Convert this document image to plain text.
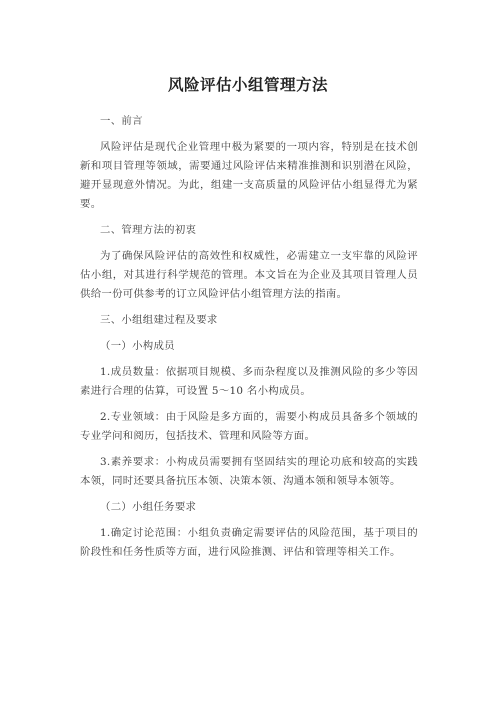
风险评估小组管理方法

一、前言

风险评估是现代企业管理中极为紧要的一项内容，特别是在技术创新和项目管理等领域，需要通过风险评估来精准推测和识别潜在风险，避开显现意外情况。为此，组建一支高质量的风险评估小组显得尤为紧要。

二、管理方法的初衷

为了确保风险评估的高效性和权威性，必需建立一支牢靠的风险评估小组，对其进行科学规范的管理。本文旨在为企业及其项目管理人员供给一份可供参考的订立风险评估小组管理方法的指南。

三、小组组建过程及要求

（一）小构成员

1.成员数量：依据项目规模、多而杂程度以及推测风险的多少等因素进行合理的估算，可设置 5～10 名小构成员。

2.专业领域：由于风险是多方面的，需要小构成员具备多个领域的专业学问和阅历，包括技术、管理和风险等方面。

3.素养要求：小构成员需要拥有坚固结实的理论功底和较高的实践本领，同时还要具备抗压本领、决策本领、沟通本领和领导本领等。

（二）小组任务要求

1.确定讨论范围：小组负责确定需要评估的风险范围，基于项目的阶段性和任务性质等方面，进行风险推测、评估和管理等相关工作。
